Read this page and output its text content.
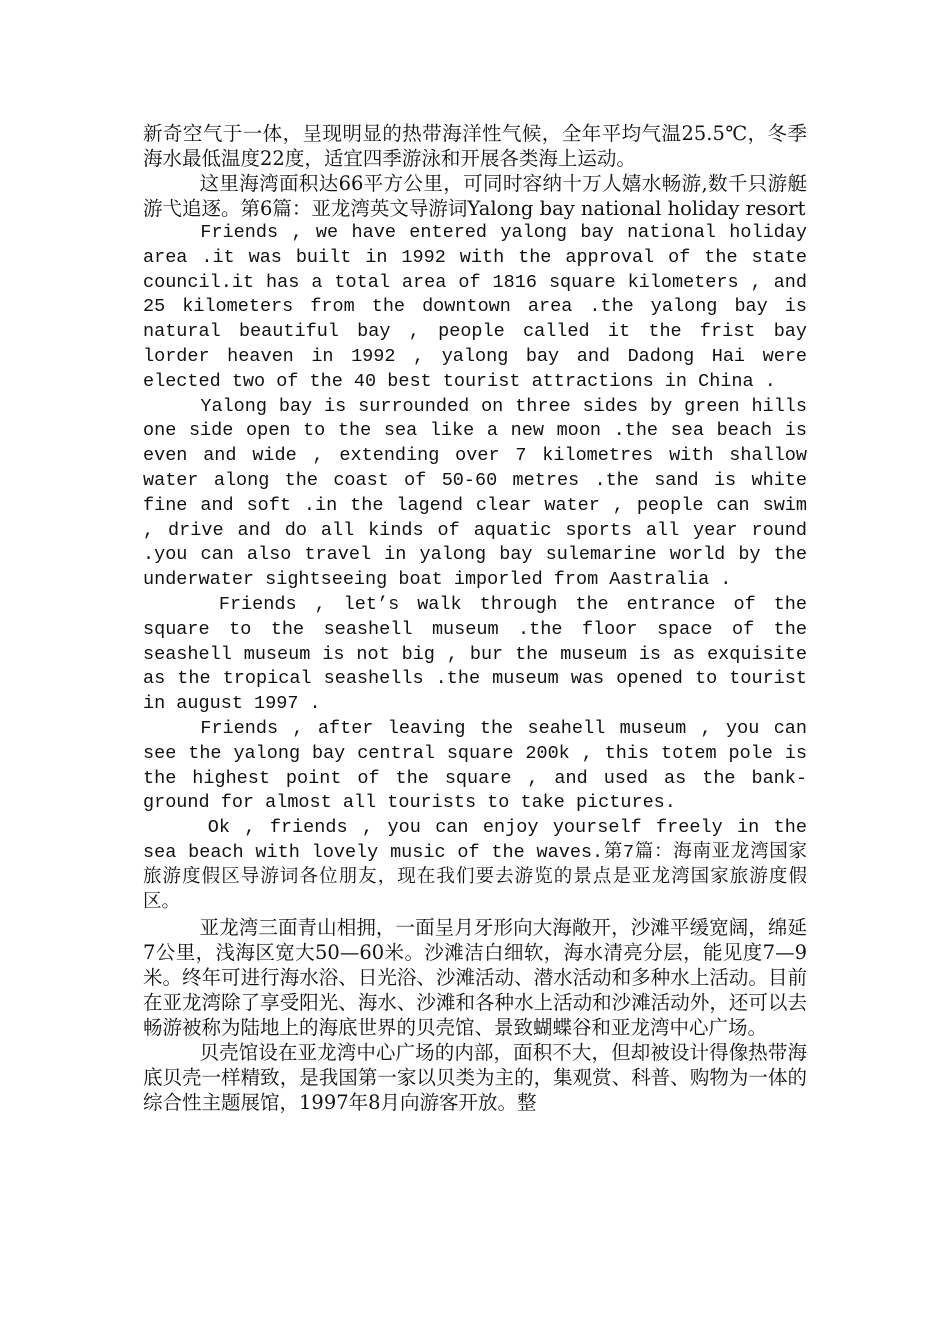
新奇空气于一体，呈现明显的热带海洋性气候，全年平均气温25.5℃，冬季海水最低温度22度，适宜四季游泳和开展各类海上运动。

这里海湾面积达66平方公里，可同时容纳十万人嬉水畅游,数千只游艇游弋追逐。第6篇：亚龙湾英文导游词Yalong bay national holiday resort

Friends , we have entered yalong bay national holiday area .it was built in 1992 with the approval of the state council.it has a total area of 1816 square kilometers , and 25 kilometers from the downtown area .the yalong bay is natural beautiful bay , people called it the frist bay lorder heaven in 1992 , yalong bay and Dadong Hai were elected two of the 40 best tourist attractions in China .

Yalong bay is surrounded on three sides by green hills one side open to the sea like a new moon .the sea beach is even and wide , extending over 7 kilometres with shallow water along the coast of 50-60 metres .the sand is white fine and soft .in the lagend clear water , people can swim , drive and do all kinds of aquatic sports all year round .you can also travel in yalong bay sulemarine world by the underwater sightseeing boat imporled from Aastralia .

Friends , let’s walk through the entrance of the square to the seashell museum .the floor space of the seashell museum is not big , bur the museum is as exquisite as the tropical seashells .the museum was opened to tourist in august 1997 .

Friends , after leaving the seahell museum , you can see the yalong bay central square 200k , this totem pole is the highest point of the square , and used as the bank-ground for almost all tourists to take pictures.

Ok , friends , you can enjoy yourself freely in the sea beach with lovely music of the waves.第7篇：海南亚龙湾国家旅游度假区导游词各位朋友，现在我们要去游览的景点是亚龙湾国家旅游度假区。

亚龙湾三面青山相拥，一面呈月牙形向大海敞开，沙滩平缓宽阔，绵延7公里，浅海区宽大50—60米。沙滩洁白细软，海水清亮分层，能见度7—9米。终年可进行海水浴、日光浴、沙滩活动、潜水活动和多种水上活动。目前在亚龙湾除了享受阳光、海水、沙滩和各种水上活动和沙滩活动外，还可以去畅游被称为陆地上的海底世界的贝壳馆、景致蝴蝶谷和亚龙湾中心广场。

贝壳馆设在亚龙湾中心广场的内部，面积不大，但却被设计得像热带海底贝壳一样精致，是我国第一家以贝类为主的，集观赏、科普、购物为一体的综合性主题展馆，1997年8月向游客开放。整
